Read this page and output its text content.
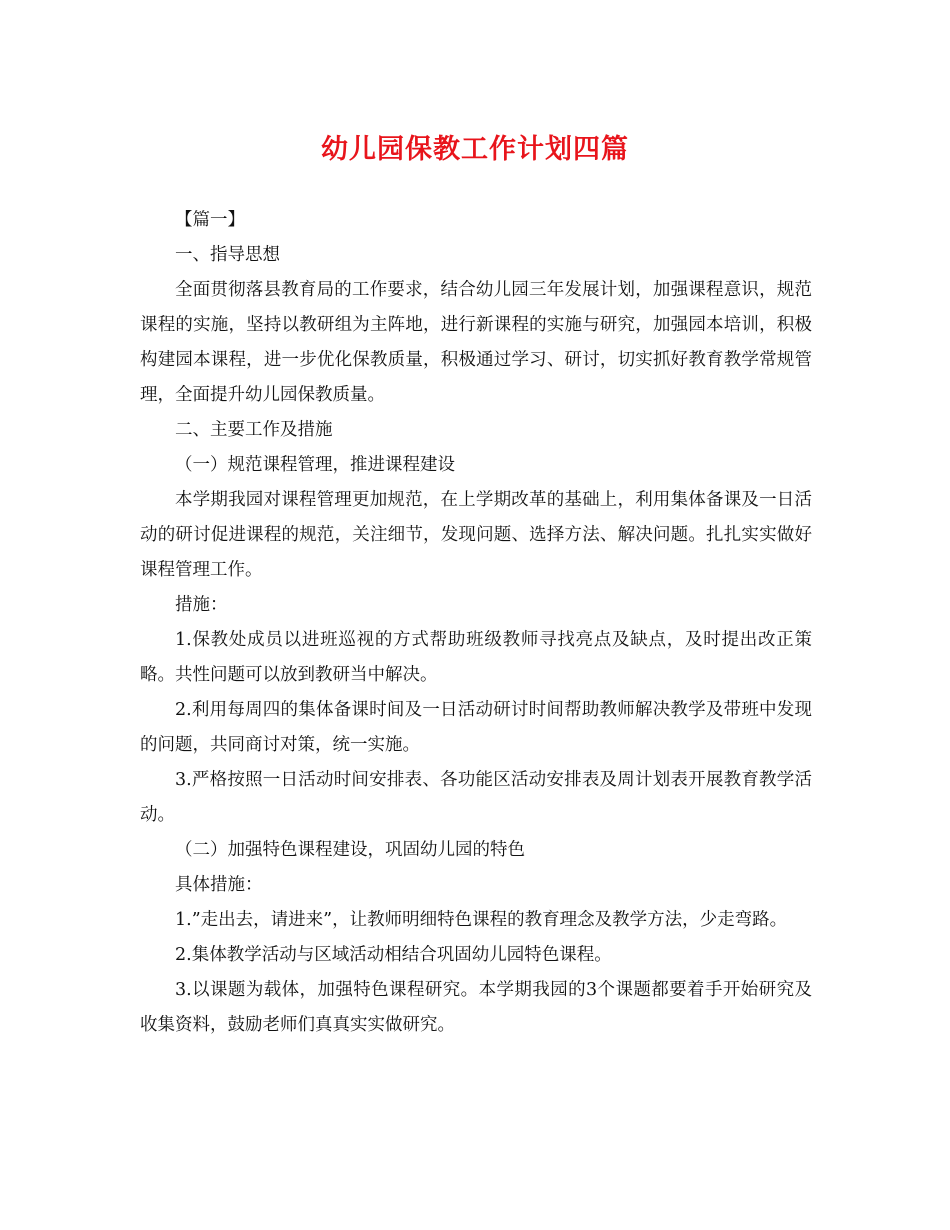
幼儿园保教工作计划四篇

【篇一】

一、指导思想

全面贯彻落县教育局的工作要求，结合幼儿园三年发展计划，加强课程意识，规范课程的实施，坚持以教研组为主阵地，进行新课程的实施与研究，加强园本培训，积极构建园本课程，进一步优化保教质量，积极通过学习、研讨，切实抓好教育教学常规管理，全面提升幼儿园保教质量。

二、主要工作及措施

（一）规范课程管理，推进课程建设

本学期我园对课程管理更加规范，在上学期改革的基础上，利用集体备课及一日活动的研讨促进课程的规范，关注细节，发现问题、选择方法、解决问题。扎扎实实做好课程管理工作。

措施：

1.保教处成员以进班巡视的方式帮助班级教师寻找亮点及缺点，及时提出改正策略。共性问题可以放到教研当中解决。

2.利用每周四的集体备课时间及一日活动研讨时间帮助教师解决教学及带班中发现的问题，共同商讨对策，统一实施。

3.严格按照一日活动时间安排表、各功能区活动安排表及周计划表开展教育教学活动。

（二）加强特色课程建设，巩固幼儿园的特色

具体措施：

1.”走出去，请进来”，让教师明细特色课程的教育理念及教学方法，少走弯路。

2.集体教学活动与区域活动相结合巩固幼儿园特色课程。

3.以课题为载体，加强特色课程研究。本学期我园的3个课题都要着手开始研究及收集资料，鼓励老师们真真实实做研究。
